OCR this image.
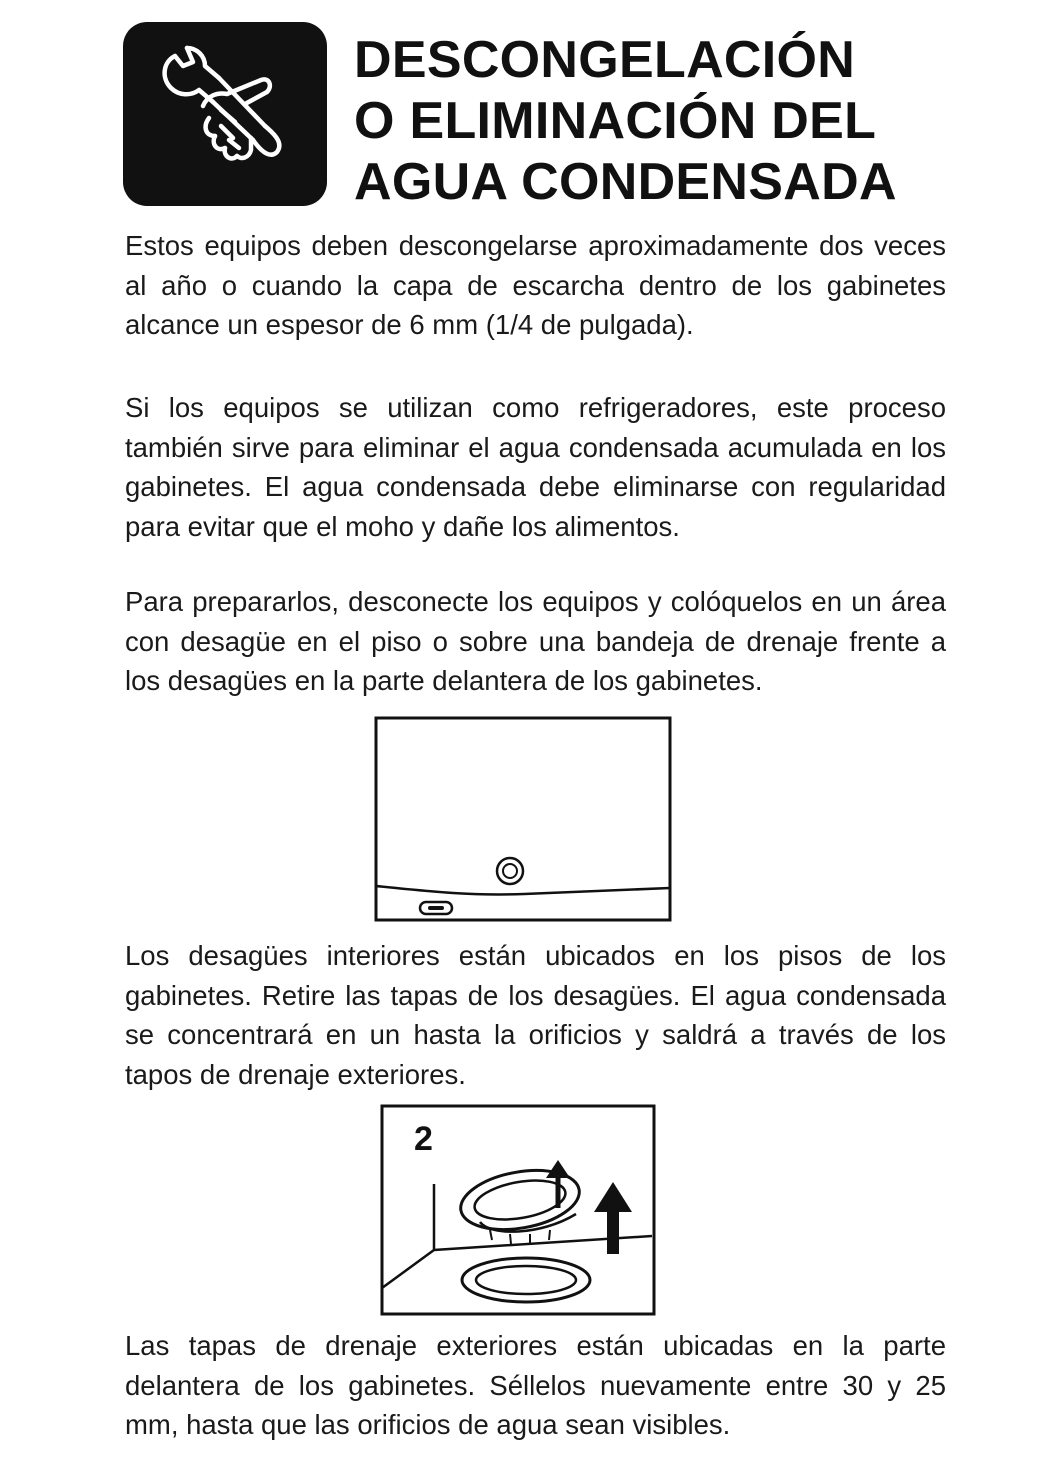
DESCONGELACIÓN
O ELIMINACIÓN DEL
AGUA CONDENSADA

Estos equipos deben descongelarse aproximadamente dos veces al año o cuando la capa de escarcha dentro de los gabinetes alcance un espesor de 6 mm (1/4 de pulgada).

Si los equipos se utilizan como refrigeradores, este proceso también sirve para eliminar el agua condensada acumulada en los gabinetes. El agua condensada debe eliminarse con regularidad para evitar que el moho y dañe los alimentos.

Para prepararlos, desconecte los equipos y colóquelos en un área con desagüe en el piso o sobre una bandeja de drenaje frente a los desagües en la parte delantera de los gabinetes.

Los desagües interiores están ubicados en los pisos de los gabinetes. Retire las tapas de los desagües. El agua condensada se concentrará en un hasta la orificios y saldrá a través de los tapos de drenaje exteriores.

2

Las tapas de drenaje exteriores están ubicadas en la parte delantera de los gabinetes. Séllelos nuevamente entre 30 y 25 mm, hasta que las orificios de agua sean visibles.
